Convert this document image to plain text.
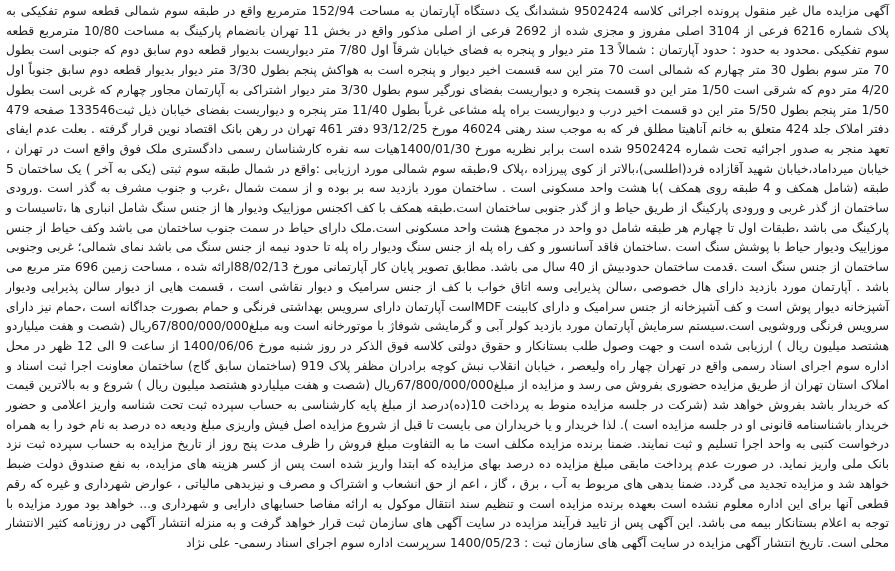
آگهی مزایده مال غیر منقول پرونده اجرائی کلاسه 9502424 ششدانگ یک دستگاه آپارتمان به مساحت 152/94 مترمربع واقع در طبقه سوم شمالی قطعه سوم تفکیکی به پلاک شماره 6216 فرعی از 3104 اصلی مفروز و مجزی شده از 2692 فرعی از اصلی مذکور واقع در بخش 11 تهران بانضمام پارکینگ به مساحت 10/80 مترمربع قطعه سوم تفکیکی .محدود به حدود : حدود آپارتمان : شمالاً 13 متر دیوار و پنجره به فضای خیابان شرقاً اول 7/80 متر دیواریست بدیوار قطعه دوم سابق دوم که جنوبی است بطول 70 متر سوم بطول 30 متر چهارم که شمالی است 70 متر این سه قسمت اخیر دیوار و پنجره است به هواکش پنجم بطول 3/30 متر دیوار بدیوار قطعه دوم سابق جنوباً اول 4/20 متر دوم که شرقی است 1/50 متر این دو قسمت پنجره و دیواریست بفضای نورگیر سوم بطول 3/30 متر دیوار اشتراکی به آپارتمان مجاور چهارم که غربی است بطول 1/50 متر پنجم بطول 5/50 متر این دو قسمت اخیر درب و دیواریست براه پله مشاعی غرباً بطول 11/40 متر پنجره و دیواریست بفضای خیابان ذیل ثبت133546 صفحه 479 دفتر املاک جلد 424 متعلق به خانم آناهیتا مطلق فر که به موجب سند رهنی 46024 مورخ 93/12/25 دفتر 461 تهران در رهن بانک اقتصاد نوین قرار گرفته . بعلت عدم ایفای تعهد منجر به صدور اجرائیه تحت شماره 9502424 شده است برابر نظریه مورخ 1400/01/30هیات سه نفره کارشناسان رسمی دادگستری ملک فوق واقع است در تهران ، خیابان میرداماد،خیابان شهید آقازاده فرد(اطلسی)،بالاتر از کوی پیرزاده ،پلاک 9،طبقه سوم شمالی مورد ارزیابی :واقع در شمال طبقه سوم ثبتی (یکی به آخر ) یک ساختمان 5 طبقه (شامل همکف و 4 طبقه روی همکف )با هشت واحد مسکونی است . ساختمان مورد بازدید سه بر بوده و از سمت شمال ،غرب و جنوب مشرف به گذر است .ورودی ساختمان از گذر غربی و ورودی پارکینگ از طریق حیاط و از گذر جنوبی ساختمان است.طبقه همکف با کف اکجنس موزاییک ودیوار ها از جنس سنگ شامل انباری ها ،تاسیسات و پارکینگ می باشد ،طبقات اول تا چهارم هر طبقه شامل دو واحد در مجموع هشت واحد مسکونی است.ملک دارای حیاط در سمت جنوب ساختمان می باشد وکف حیاط از جنس موزاییک ودیوار حیاط با پوشش سنگ است .ساختمان فاقد آسانسور و کف راه پله از جنس سنگ ودیوار راه پله تا حدود نیمه از جنس سنگ می باشد نمای شمالی؛ غربی وجنوبی ساختمان از جنس سنگ است .قدمت ساختمان حدودبیش از 40 سال می باشد. مطابق تصویر پایان کار آپارتمانی مورخ 88/02/13ارائه شده ، مساحت زمین 696 متر مربع می باشد . آپارتمان مورد بازدید دارای هال خصوصی ،سالن پذیرایی وسه اتاق خواب با کف از جنس سرامیک و دیوار نقاشی است ، قسمت هایی از دیوار سالن پذیرایی ودیوار آشپزخانه دیوار پوش است و کف آشپزخانه از جنس سرامیک و دارای کابینت MDFاست آپارتمان دارای سرویس بهداشتی فرنگی و حمام بصورت جداگانه است ،حمام نیز دارای سرویس فرنگی وروشویی است.سیستم سرمایش آپارتمان مورد بازدید کولر آبی و گرمایشی شوفاژ با موتورخانه است وبه مبلغ67/800/000/000ریال (شصت و هفت میلیاردو هشتصد میلیون ریال ) ارزیابی شده است و جهت وصول طلب بستانکار و حقوق دولتی کلاسه فوق الذکر در روز شنبه مورخ 1400/06/06 از ساعت 9 الی 12 ظهر در محل اداره سوم اجرای اسناد رسمی واقع در تهران چهار راه ولیعصر ، خیابان انقلاب نبش کوچه برادران مظفر پلاک 919 (ساختمان سابق گاج) ساختمان معاونت اجرا ثبت اسناد و املاک استان تهران از طریق مزایده حضوری بفروش می رسد و مزایده از مبلغ67/800/000/000ریال (شصت و هفت میلیاردو هشتصد میلیون ریال ) شروع و به بالاترین قیمت که خریدار باشد بفروش خواهد شد (شرکت در جلسه مزایده منوط به پرداخت 10(ده)درصد از مبلغ پایه کارشناسی به حساب سپرده ثبت تحت شناسه واریز اعلامی و حضور خریدار باشناسنامه قانونی او در جلسه مزایده است ). لذا خریدار و یا خریداران می بایست تا قبل از شروع مزایده اصل فیش واریزی مبلغ ودیعه ده درصد به نام خود را به همراه درخواست کتبی به واحد اجرا تسلیم و ثبت نمایند. ضمنا برنده مزایده مکلف است ما به التفاوت مبلغ فروش را ظرف مدت پنج روز از تاریخ مزایده به حساب سپرده ثبت نزد بانک ملی واریز نماید. در صورت عدم پرداخت مابقی مبلغ مزایده ده درصد بهای مزایده که ابتدا واریز شده است پس از کسر هزینه های مزایده، به نفع صندوق دولت ضبط خواهد شد و مزایده تجدید می گردد. ضمنا بدهی های مربوط به آب ، برق ، گاز ، اعم از حق انشعاب و اشتراک و مصرف و نیزبدهی مالیاتی ، عوارض شهرداری و غیره که رقم قطعی آنها برای این اداره معلوم نشده است بعهده برنده مزایده است و تنظیم سند انتقال موکول به ارائه مفاصا حسابهای دارایی و شهرداری و... خواهد بود مورد مزایده با توجه به اعلام بستانکار بیمه می باشد. این آگهی پس از تایید فرآیند مزایده در سایت آگهی های سازمان ثبت قرار خواهد گرفت و به منزله انتشار آگهی در روزنامه کثیر الانتشار محلی است. تاریخ انتشار آگهی مزایده در سایت آگهی های سازمان ثبت : 1400/05/23 سرپرست اداره سوم اجرای اسناد رسمی- علی نژاد
